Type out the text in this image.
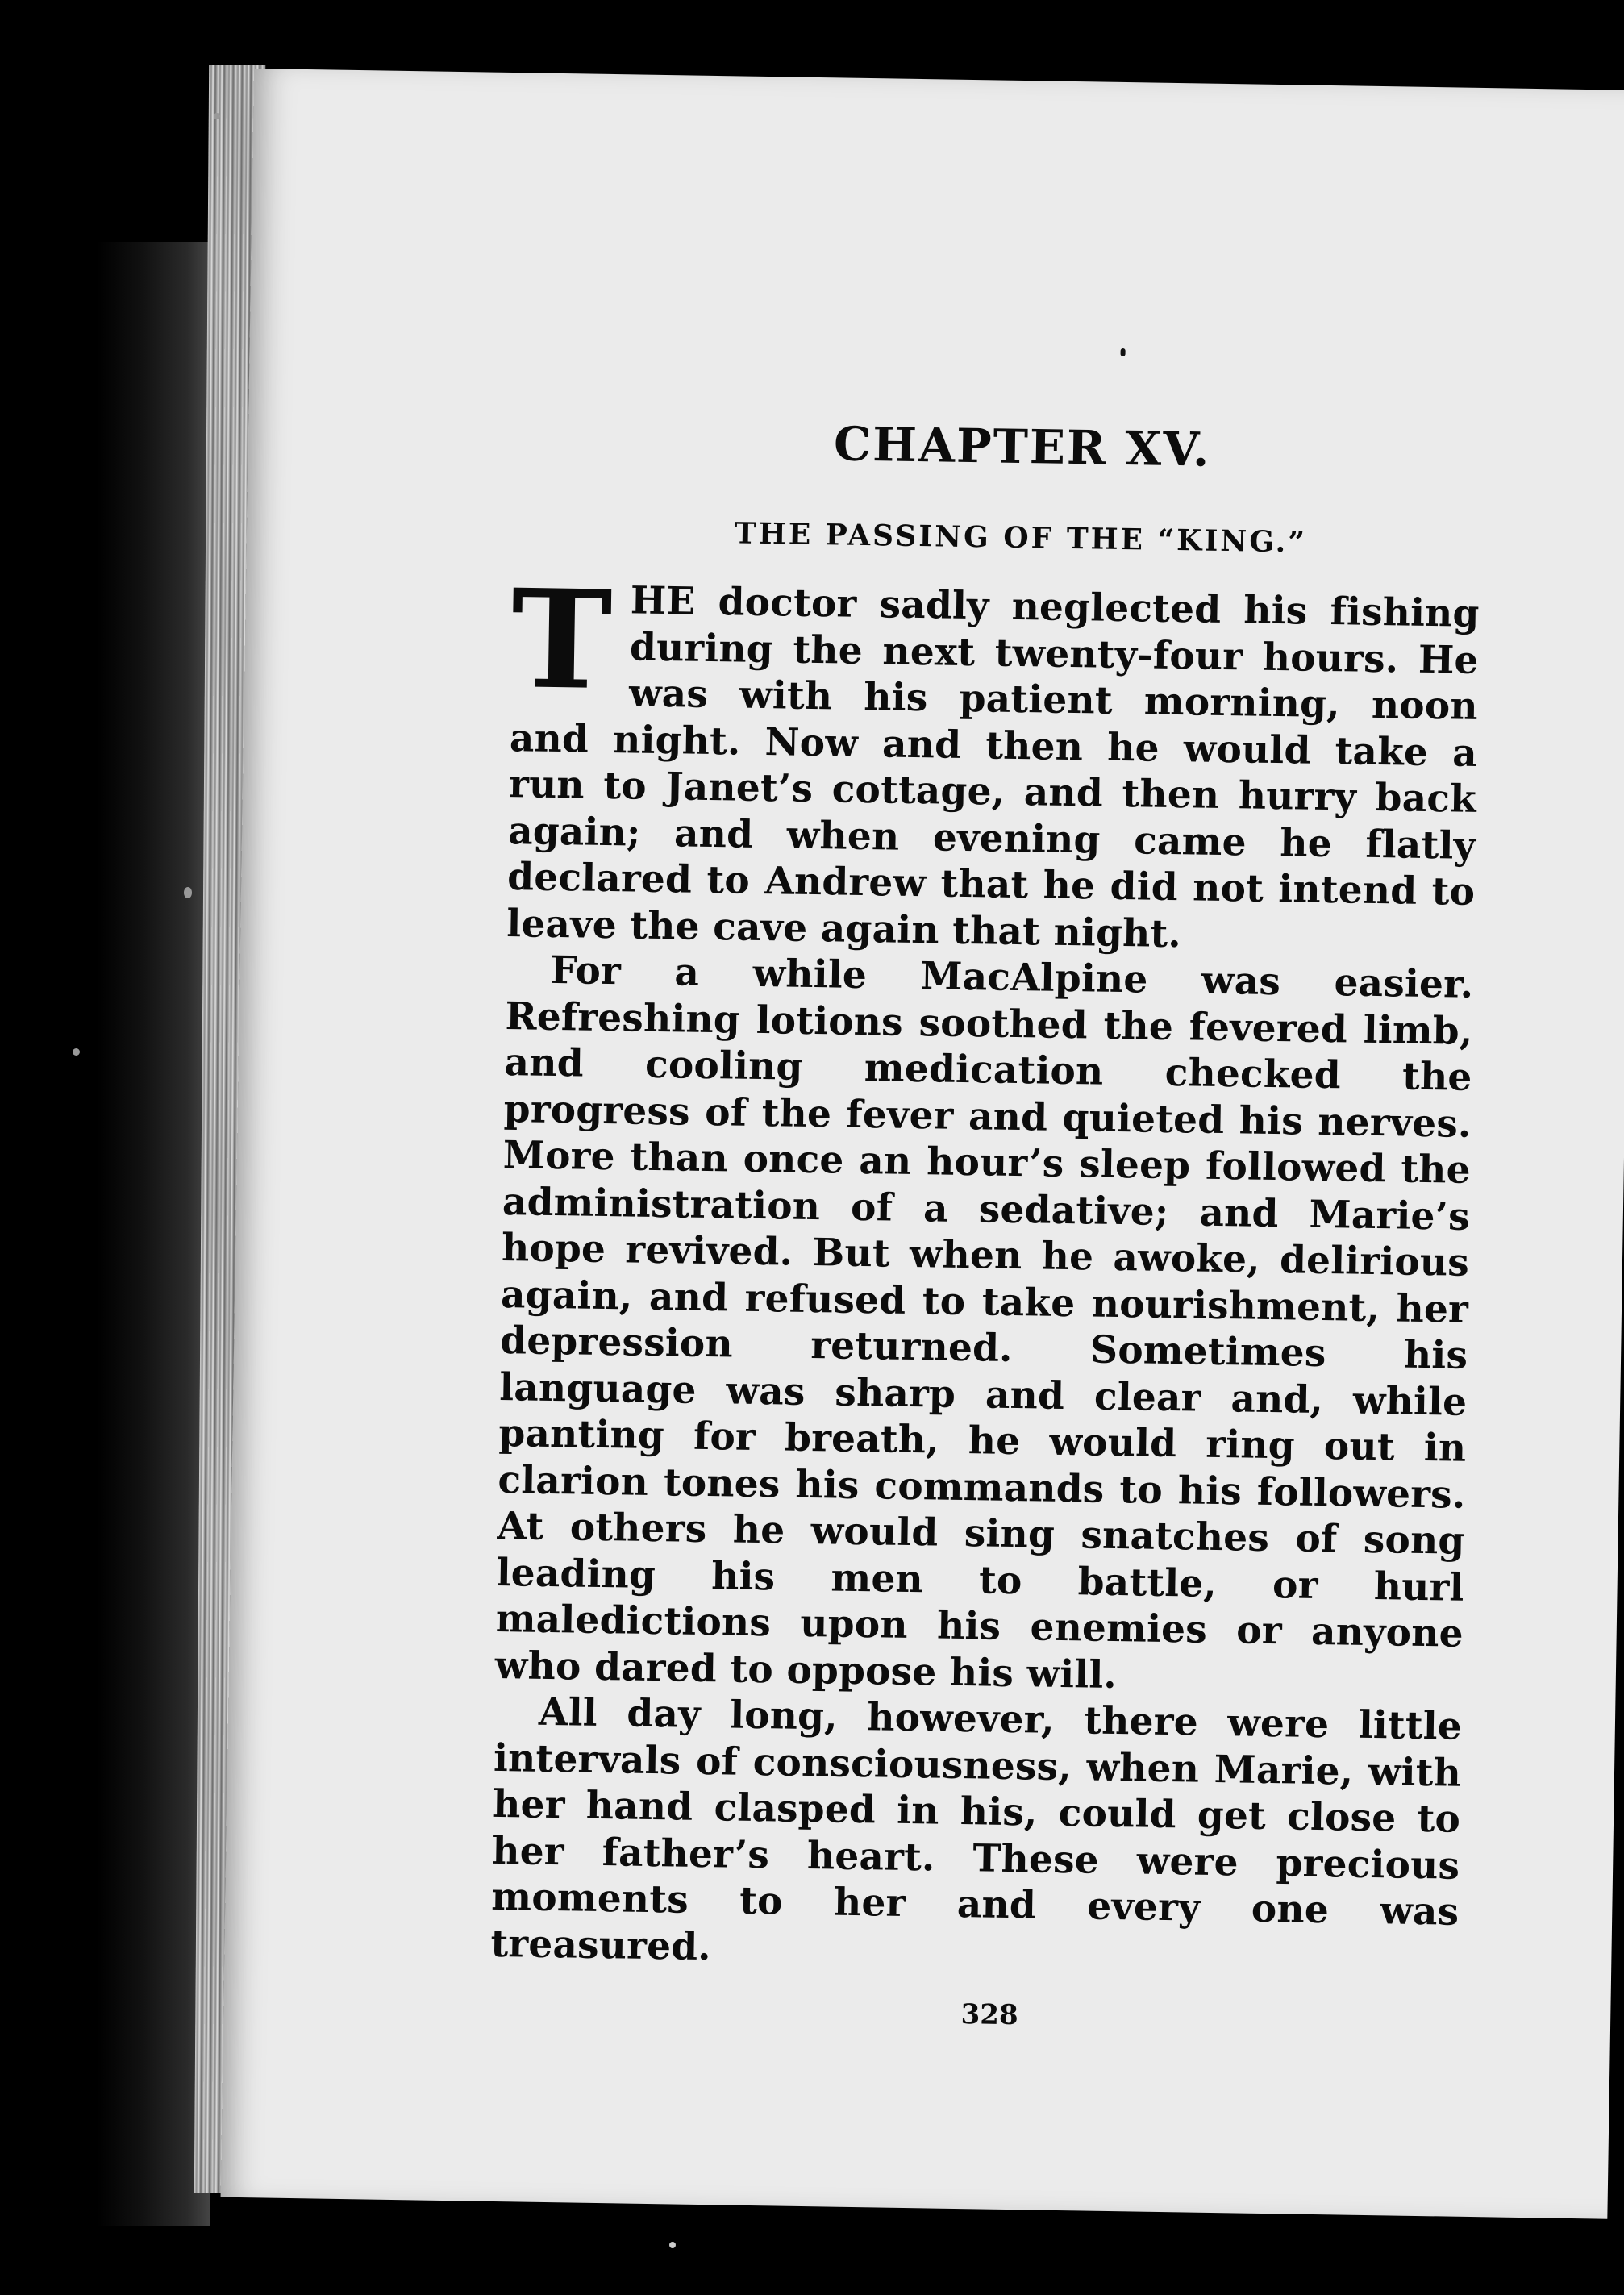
CHAPTER XV.
THE PASSING OF THE “KING.”

THE doctor sadly neglected his fishing during the next twenty-four hours. He was with his patient morning, noon and night. Now and then he would take a run to Janet’s cottage, and then hurry back again; and when evening came he flatly declared to Andrew that he did not intend to leave the cave again that night.

For a while MacAlpine was easier. Refreshing lotions soothed the fevered limb, and cooling medication checked the progress of the fever and quieted his nerves. More than once an hour’s sleep followed the administration of a sedative; and Marie’s hope revived. But when he awoke, delirious again, and refused to take nourishment, her depression returned. Sometimes his language was sharp and clear and, while panting for breath, he would ring out in clarion tones his commands to his followers. At others he would sing snatches of song leading his men to battle, or hurl maledictions upon his enemies or anyone who dared to oppose his will.

All day long, however, there were little intervals of consciousness, when Marie, with her hand clasped in his, could get close to her father’s heart. These were precious moments to her and every one was treasured.

328
